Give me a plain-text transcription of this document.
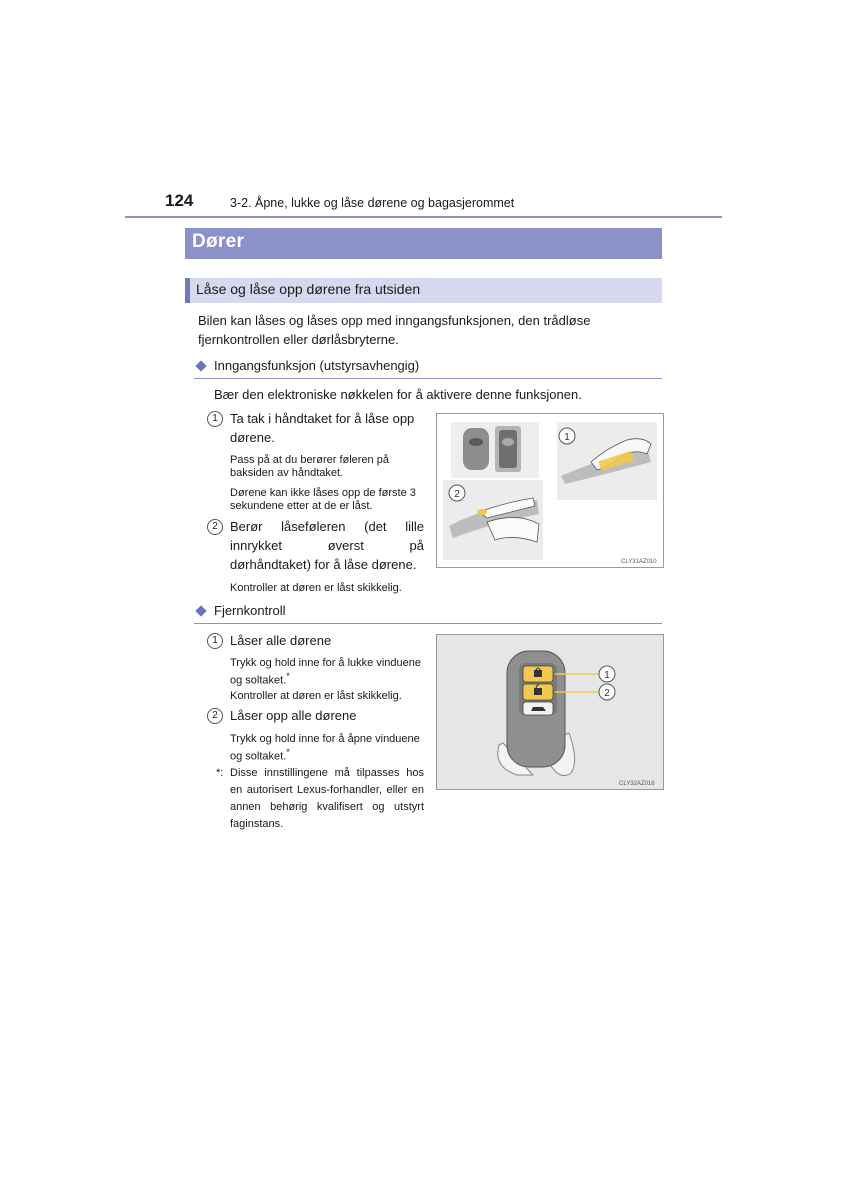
124	3-2. Åpne, lukke og låse dørene og bagasjerommet
Dører
Låse og låse opp dørene fra utsiden
Bilen kan låses og låses opp med inngangsfunksjonen, den trådløse fjernkontrollen eller dørlåsbryterne.
Inngangsfunksjon (utstyrsavhengig)
Bær den elektroniske nøkkelen for å aktivere denne funksjonen.
1 Ta tak i håndtaket for å låse opp dørene.
Pass på at du berører føleren på baksiden av håndtaket.
Dørene kan ikke låses opp de første 3 sekundene etter at de er låst.
2 Berør låseføleren (det lille innrykket øverst på dørhåndtaket) for å låse dørene.
Kontroller at døren er låst skikkelig.
1
2
CLY31AZ010
Fjernkontroll
1 Låser alle dørene
Trykk og hold inne for å lukke vinduene og soltaket.*
Kontroller at døren er låst skikkelig.
2 Låser opp alle dørene
Trykk og hold inne for å åpne vinduene og soltaket.*
*: Disse innstillingene må tilpasses hos en autorisert Lexus-forhandler, eller en annen behørig kvalifisert og utstyrt faginstans.
1
2
CLY32AZ016
